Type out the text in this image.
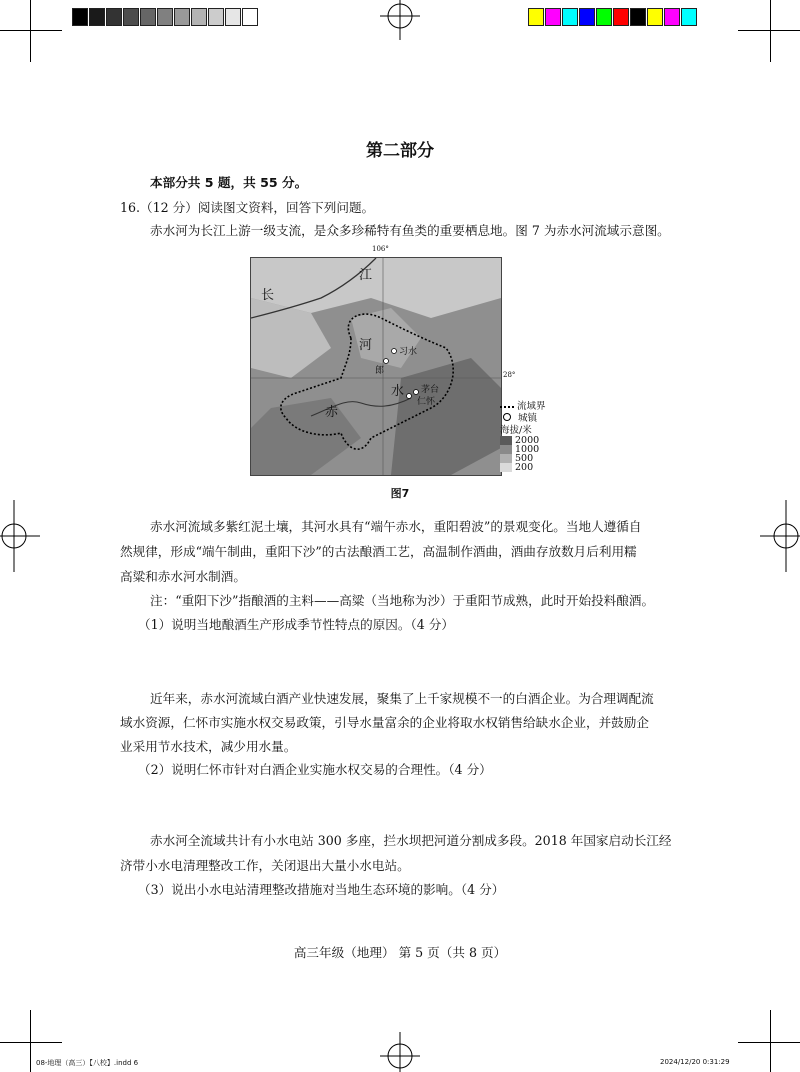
第二部分
本部分共 5 题，共 55 分。
16.（12 分）阅读图文资料，回答下列问题。
赤水河为长江上游一级支流，是众多珍稀特有鱼类的重要栖息地。图 7 为赤水河流域示意图。
106°
长
江
河
水
赤
习水
郎
茅台
仁怀
28°
流域界
城镇
海拔/米
2000
1000
500
200
图7
赤水河流域多紫红泥土壤，其河水具有“端午赤水，重阳碧波”的景观变化。当地人遵循自
然规律，形成“端午制曲，重阳下沙”的古法酿酒工艺，高温制作酒曲，酒曲存放数月后利用糯
高粱和赤水河水制酒。
注：“重阳下沙”指酿酒的主料——高粱（当地称为沙）于重阳节成熟，此时开始投料酿酒。
（1）说明当地酿酒生产形成季节性特点的原因。（4 分）
近年来，赤水河流域白酒产业快速发展，聚集了上千家规模不一的白酒企业。为合理调配流
域水资源，仁怀市实施水权交易政策，引导水量富余的企业将取水权销售给缺水企业，并鼓励企
业采用节水技术，减少用水量。
（2）说明仁怀市针对白酒企业实施水权交易的合理性。（4 分）
赤水河全流域共计有小水电站 300 多座，拦水坝把河道分割成多段。2018 年国家启动长江经
济带小水电清理整改工作，关闭退出大量小水电站。
（3）说出小水电站清理整改措施对当地生态环境的影响。（4 分）
高三年级（地理） 第 5 页（共 8 页）
08-地理（高三）【八校】.indd 6	2024/12/20 0:31:29
